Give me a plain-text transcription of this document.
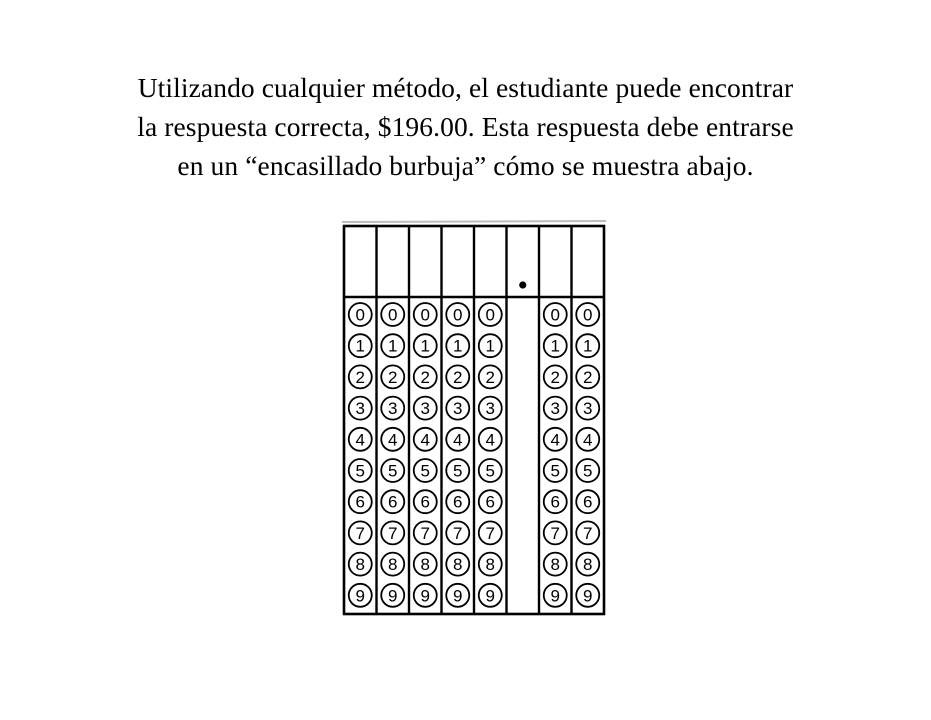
Utilizando cualquier método, el estudiante puede encontrar
la respuesta correcta, $196.00. Esta respuesta debe entrarse
en un “encasillado burbuja” cómo se muestra abajo.
0
1
2
3
4
5
6
7
8
9
0
1
2
3
4
5
6
7
8
9
0
1
2
3
4
5
6
7
8
9
0
1
2
3
4
5
6
7
8
9
0
1
2
3
4
5
6
7
8
9
0
1
2
3
4
5
6
7
8
9
0
1
2
3
4
5
6
7
8
9
